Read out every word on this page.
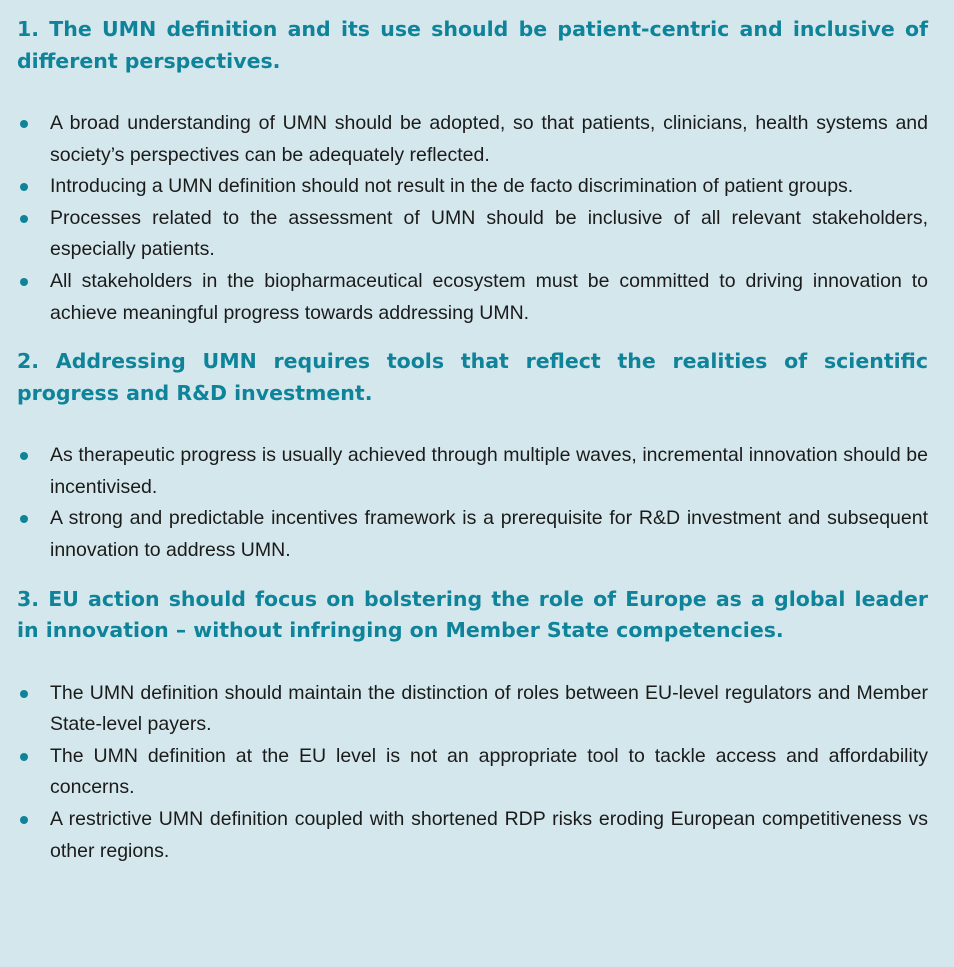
1. The UMN definition and its use should be patient-centric and inclusive of different perspectives.
A broad understanding of UMN should be adopted, so that patients, clinicians, health systems and society’s perspectives can be adequately reflected.
Introducing a UMN definition should not result in the de facto discrimination of patient groups.
Processes related to the assessment of UMN should be inclusive of all relevant stakeholders, especially patients.
All stakeholders in the biopharmaceutical ecosystem must be committed to driving innovation to achieve meaningful progress towards addressing UMN.
2. Addressing UMN requires tools that reflect the realities of scientific progress and R&D investment.
As therapeutic progress is usually achieved through multiple waves, incremental innovation should be incentivised.
A strong and predictable incentives framework is a prerequisite for R&D investment and subsequent innovation to address UMN.
3. EU action should focus on bolstering the role of Europe as a global leader in innovation – without infringing on Member State competencies.
The UMN definition should maintain the distinction of roles between EU-level regulators and Member State-level payers.
The UMN definition at the EU level is not an appropriate tool to tackle access and affordability concerns.
A restrictive UMN definition coupled with shortened RDP risks eroding European competitiveness vs other regions.
